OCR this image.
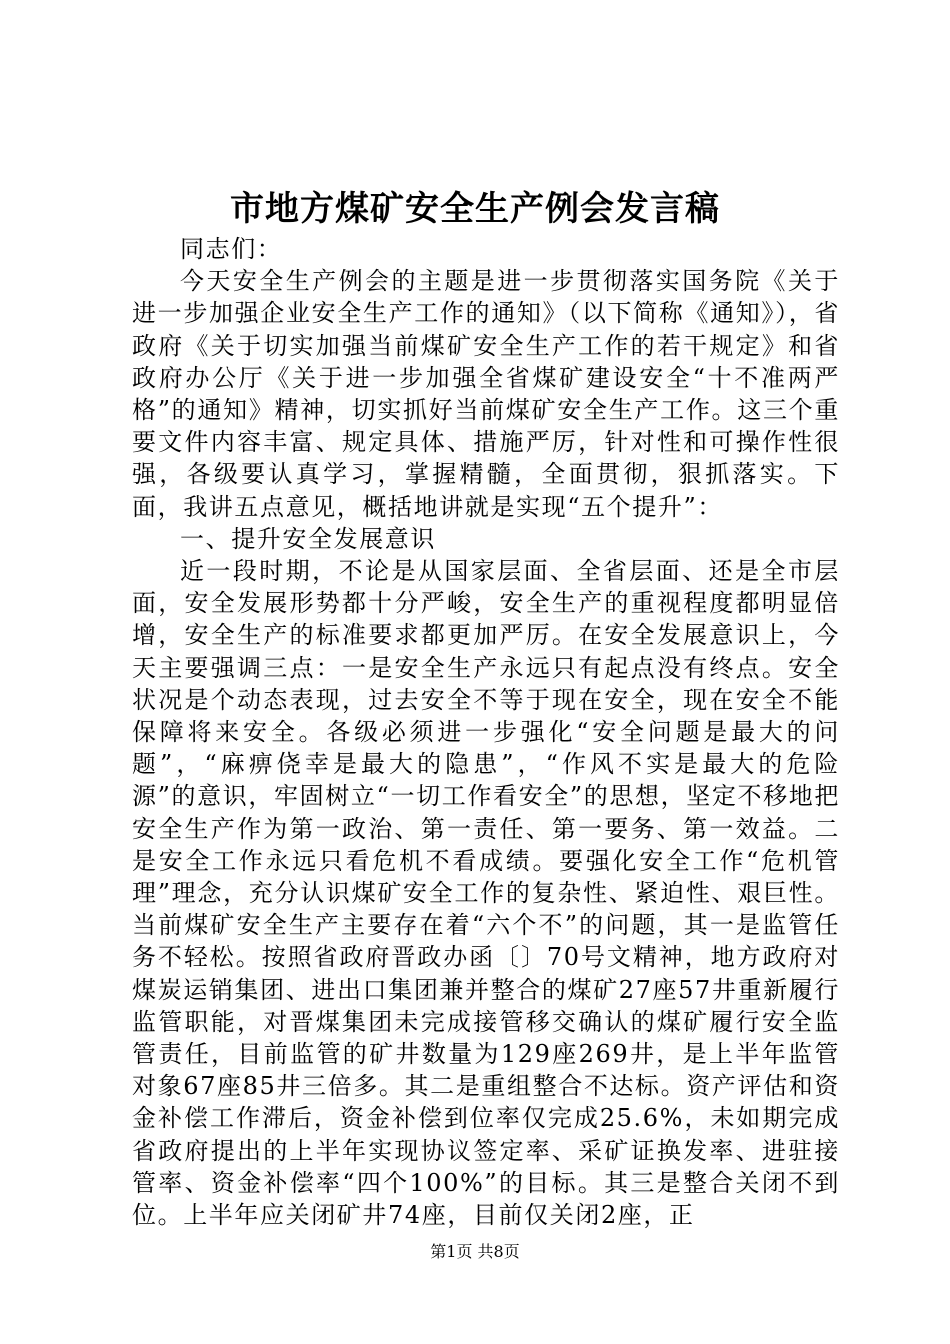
市地方煤矿安全生产例会发言稿

同志们：

今天安全生产例会的主题是进一步贯彻落实国务院《关于进一步加强企业安全生产工作的通知》（以下简称《通知》），省政府《关于切实加强当前煤矿安全生产工作的若干规定》和省政府办公厅《关于进一步加强全省煤矿建设安全“十不准两严格”的通知》精神，切实抓好当前煤矿安全生产工作。这三个重要文件内容丰富、规定具体、措施严厉，针对性和可操作性很强，各级要认真学习，掌握精髓，全面贯彻，狠抓落实。下面，我讲五点意见，概括地讲就是实现“五个提升”：

一、提升安全发展意识

近一段时期，不论是从国家层面、全省层面、还是全市层面，安全发展形势都十分严峻，安全生产的重视程度都明显倍增，安全生产的标准要求都更加严厉。在安全发展意识上，今天主要强调三点：一是安全生产永远只有起点没有终点。安全状况是个动态表现，过去安全不等于现在安全，现在安全不能保障将来安全。各级必须进一步强化“安全问题是最大的问题”，“麻痹侥幸是最大的隐患”，“作风不实是最大的危险源”的意识，牢固树立“一切工作看安全”的思想，坚定不移地把安全生产作为第一政治、第一责任、第一要务、第一效益。二是安全工作永远只看危机不看成绩。要强化安全工作“危机管理”理念，充分认识煤矿安全工作的复杂性、紧迫性、艰巨性。当前煤矿安全生产主要存在着“六个不”的问题，其一是监管任务不轻松。按照省政府晋政办函〔〕70号文精神，地方政府对煤炭运销集团、进出口集团兼并整合的煤矿27座57井重新履行监管职能，对晋煤集团未完成接管移交确认的煤矿履行安全监管责任，目前监管的矿井数量为129座269井，是上半年监管对象67座85井三倍多。其二是重组整合不达标。资产评估和资金补偿工作滞后，资金补偿到位率仅完成25.6%，未如期完成省政府提出的上半年实现协议签定率、采矿证换发率、进驻接管率、资金补偿率“四个100%”的目标。其三是整合关闭不到位。上半年应关闭矿井74座，目前仅关闭2座，正

第1页 共8页
